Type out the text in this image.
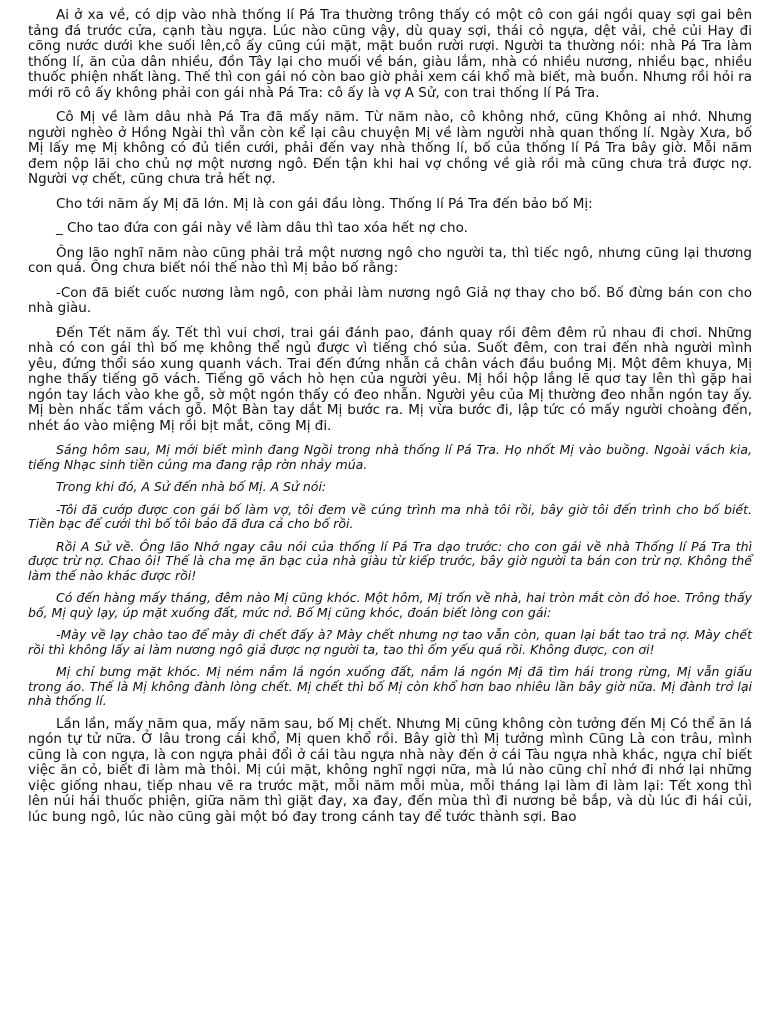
Ai ở xa về, có dịp vào nhà thống lí Pá Tra thường trông thấy có một cô con gái ngồi quay sợi gai bên tảng đá trước cửa, cạnh tàu ngựa. Lúc nào cũng vậy, dù quay sợi, thái cỏ ngựa, dệt vải, chẻ củi Hay đi cõng nước dưới khe suối lên,cô ấy cũng cúi mặt, mặt buồn rười rượi. Người ta thường nói: nhà Pá Tra làm thống lí, ăn của dân nhiều, đồn Tây lại cho muối về bán, giàu lắm, nhà có nhiều nương, nhiều bạc, nhiều thuốc phiện nhất làng. Thế thì con gái nó còn bao giờ phải xem cái khổ mà biết, mà buồn. Nhưng rồi hỏi ra mới rõ cô ấy không phải con gái nhà Pá Tra: cô ấy là vợ A Sử, con trai thống lí Pá Tra.

Cô Mị về làm dâu nhà Pá Tra đã mấy năm. Từ năm nào, cô không nhớ, cũng Không ai nhớ. Nhưng người nghèo ở Hồng Ngài thì vẫn còn kể lại câu chuyện Mị về làm người nhà quan thống lí. Ngày Xưa, bố Mị lấy mẹ Mị không có đủ tiền cưới, phải đến vay nhà thống lí, bố của thống lí Pá Tra bây giờ. Mỗi năm đem nộp lãi cho chủ nợ một nương ngô. Đến tận khi hai vợ chồng về già rồi mà cũng chưa trả được nợ. Người vợ chết, cũng chưa trả hết nợ.

Cho tới năm ấy Mị đã lớn. Mị là con gái đầu lòng. Thống lí Pá Tra đến bảo bố Mị:

_ Cho tao đứa con gái này về làm dâu thì tao xóa hết nợ cho.

Ông lão nghĩ năm nào cũng phải trả một nương ngô cho người ta, thì tiếc ngô, nhưng cũng lại thương con quá. Ông chưa biết nói thế nào thì Mị bảo bố rằng:

-Con đã biết cuốc nương làm ngô, con phải làm nương ngô Giả nợ thay cho bố. Bố đừng bán con cho nhà giàu.

Đến Tết năm ấy. Tết thì vui chơi, trai gái đánh pao, đánh quay rồi đêm đêm rủ nhau đi chơi. Những nhà có con gái thì bố mẹ không thể ngủ được vì tiếng chó sủa. Suốt đêm, con trai đến nhà người mình yêu, đứng thổi sáo xung quanh vách. Trai đến đứng nhẫn cả chân vách đầu buồng Mị. Một đêm khuya, Mị nghe thấy tiếng gõ vách. Tiếng gõ vách hò hẹn của người yêu. Mị hồi hộp lắng lẽ quơ tay lên thì gặp hai ngón tay lách vào khe gỗ, sờ một ngón thấy có đeo nhẫn. Người yêu của Mị thường đeo nhẫn ngón tay ấy. Mị bèn nhấc tấm vách gỗ. Một Bàn tay dắt Mị bước ra. Mị vừa bước đi, lập tức có mấy người choàng đến, nhét áo vào miệng Mị rồi bịt mắt, cõng Mị đi.

Sáng hôm sau, Mị mới biết mình đang Ngồi trong nhà thống lí Pá Tra. Họ nhốt Mị vào buồng. Ngoài vách kia, tiếng Nhạc sinh tiền cúng ma đang rập rờn nhảy múa.

Trong khi đó, A Sử đến nhà bố Mị. A Sử nói:

-Tôi đã cướp được con gái bố làm vợ, tôi đem về cúng trình ma nhà tôi rồi, bây giờ tôi đến trình cho bố biết. Tiền bạc để cưới thì bố tôi bảo đã đưa cả cho bố rồi.

Rồi A Sử về. Ông lão Nhớ ngay câu nói của thống lí Pá Tra dạo trước: cho con gái về nhà Thống lí Pá Tra thì được trừ nợ. Chao ôi! Thế là cha mẹ ăn bạc của nhà giàu từ kiếp trước, bây giờ người ta bán con trừ nợ. Không thể làm thế nào khác được rồi!

Có đến hàng mấy tháng, đêm nào Mị cũng khóc. Một hôm, Mị trốn về nhà, hai tròn mắt còn đỏ hoe. Trông thấy bố, Mị quỳ lạy, úp mặt xuống đất, mức nở. Bố Mị cũng khóc, đoán biết lòng con gái:

-Mày về lạy chào tao để mày đi chết đấy à? Mày chết nhưng nợ tao vẫn còn, quan lại bắt tao trả nợ. Mày chết rồi thì không lấy ai làm nương ngô giả được nợ người ta, tao thì ốm yếu quá rồi. Không được, con ơi!

Mị chỉ bưng mặt khóc. Mị ném nắm lá ngón xuống đất, nắm lá ngón Mị đã tìm hái trong rừng, Mị vẫn giấu trong áo. Thế là Mị không đành lòng chết. Mị chết thì bố Mị còn khổ hơn bao nhiêu lần bây giờ nữa. Mị đành trở lại nhà thống lí.

Lần lần, mấy năm qua, mấy năm sau, bố Mị chết. Nhưng Mị cũng không còn tưởng đến Mị Có thể ăn lá ngón tự tử nữa. Ở lâu trong cái khổ, Mị quen khổ rồi. Bây giờ thì Mị tưởng mình Cũng Là con trâu, mình cũng là con ngựa, là con ngựa phải đổi ở cái tàu ngựa nhà này đến ở cái Tàu ngựa nhà khác, ngựa chỉ biết việc ăn cỏ, biết đi làm mà thôi. Mị cúi mặt, không nghĩ ngợi nữa, mà lú nào cũng chỉ nhớ đi nhớ lại những việc giống nhau, tiếp nhau vẽ ra trước mặt, mỗi năm mỗi mùa, mỗi tháng lại làm đi làm lại: Tết xong thì lên núi hái thuốc phiện, giữa năm thì giặt đay, xa đay, đến mùa thì đi nương bẻ bắp, và dù lúc đi hái củi, lúc bung ngô, lúc nào cũng gài một bó đay trong cánh tay để tước thành sợi. Bao
